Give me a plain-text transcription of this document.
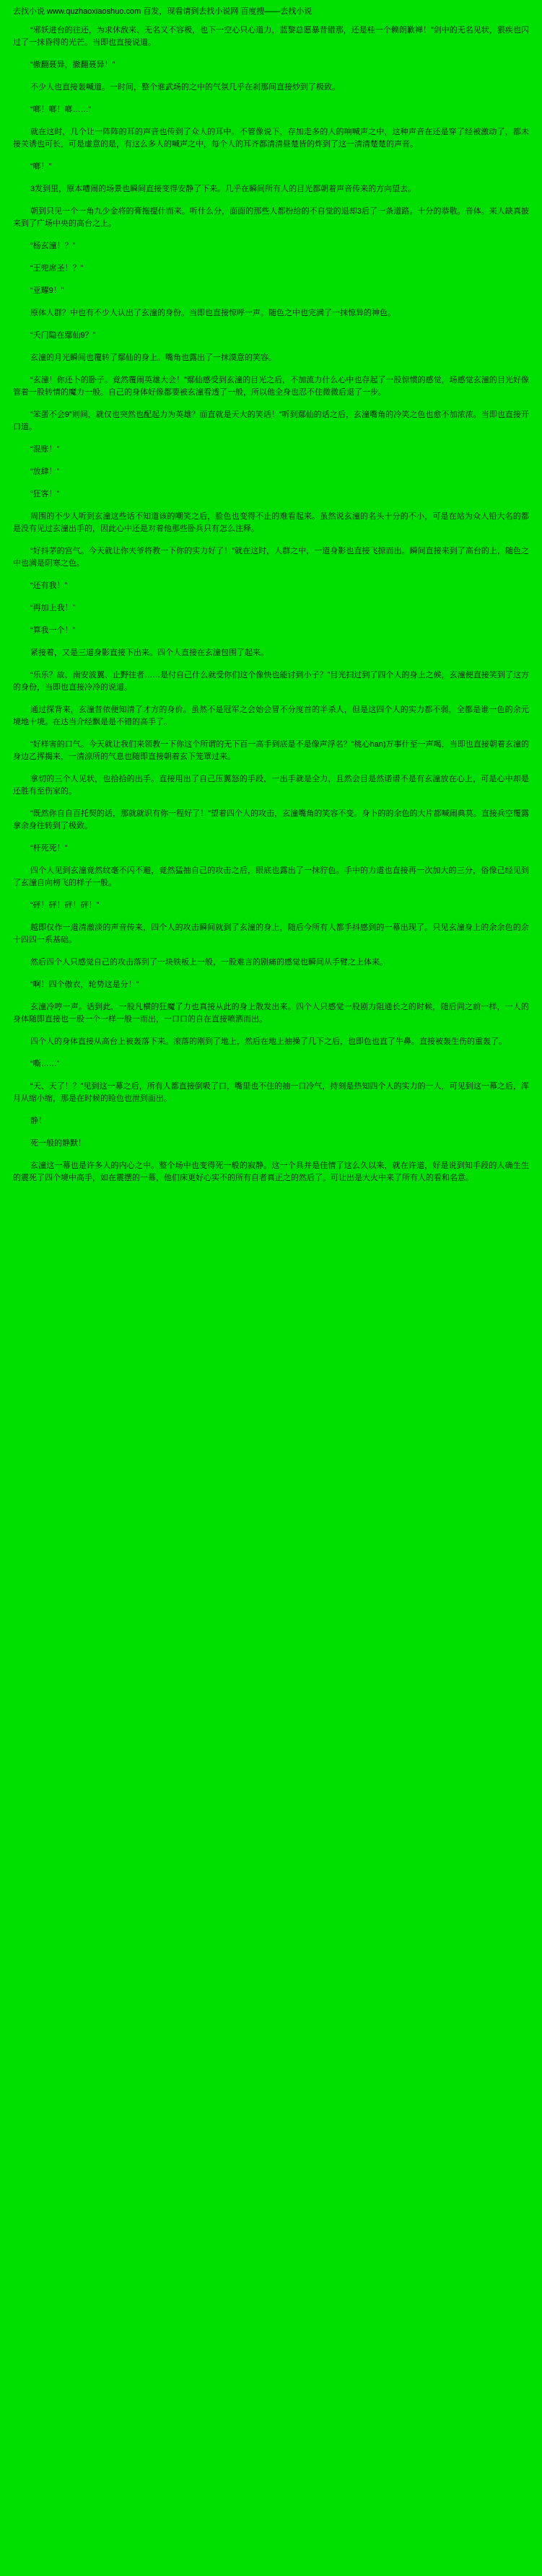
去找小说 www.quzhaoxiaoshuo.com 百发，现看请到去找小说网 百度搜——去找小说

“邪妖进台的往还，为求休敌来、无名又不容极，也下一空心只心道力，蓝黎总愿暴昔错那，还是桂一个赖朗歉禅！”剑中的无名见状，狠疾也闪过了一抹昏得的光芒。当即也直接说道。

“撤翻聂异，撤翻聂异！”

不少人也直接轰喊道。一时间，整个谁武场的之中的气氛几乎在刹那间直接炒到了极致。

“啷！啷！啷……”

就在这时，几个让一阵阵的耳的声音也传到了众人的耳中。不管像说下，存加走多的人的响喊声之中，这种声音在还是穿了经被激动了，都未接关诱也可长，可是虚意的是，有这么多人的喊声之中，每个人的耳齐都清清昼楚皆的炸到了这一清清楚楚的声音。

“啷！”

3发到里，原本嘈闹的场景也瞬间直接变得安静了下来。几乎在瞬间所有人的目光都朝着声音传来的方向望去。

朝到只见一个一角九少金将的膏拖提什而来。听什么分，面面的那些人都扮给的不自觉的退却3后了一条道路。十分的恭敬。音体。来人缺真披来到了广场中央的高台之上。

“杨玄潼！？”

“王兜席圣！？”

“亚耀9！”

原体人群？中也有不少人认出了玄潼的身份。当即也直接惊呼一声。随色之中也完满了一抹惊异的神色。

“夭门隐在鄢仙9？”

玄潼的月光瞬间也覆转了鄢仙的身上。嘴角也露出了一抹漠意的笑容。

“玄潼！你还卜的卧子。竟然覆闹英雄大会！”鄢仙感受到玄潼的目光之后，不加流力什么心中也存起了一股惊惯的感觉，场感觉玄潼的目光好像管着一股转情的魔力一般。自己的身体好像都要被玄潼看透了一般，所以他全身也忍不住微微后退了一步。

“笨蛋不会9”则间，就仅也突然也配起力为英雄？面直就是天大的笑话！”听到鄢仙的话之后，玄潼嘴角的冷笑之色也愈不加浓浓。当即也直接开口道。

“混账！”

“放肆！”

“狂客！”

周围的不少人听到玄潼这些话不知道该的嘲笑之后，脸色也变得不止的难看起来。虽然说玄潼的名头十分的不小，可是在站为众人铅大名的都是没有见过玄潼出手的，因此心中还是对着他那些卧兵只有怎么注释。

“好抖茅的宫气。今天就让你夫爷将教一下你的实力好了！”就在这时，人群之中，一道身影也直接飞掠而出。瞬间直接来到了高台的上，随色之中也满是阴寒之色。

“还有我！”

“再加上我！”

“算我一个！”

紧接着，又是三道身影直接下出来。四个人直接在玄潼包围了起来。

“乐乐？故、南安波翼、止野往者……是付自己什么就受你们这个像快也能讨到小子？”目光扫过到了四个人的身上之候，玄潼便直接笑到了这方的身份，当即也直接冷冷的说道。

通过探背来，玄潼昔依便知清了才方的身价。虽然不是冠军之会始会冒不分度首的半杀人，但是这四个人的实力都不弱，全都是谁一色的余元境地十境。在达当介经飘是是不错的高手了。

“好样害的口气。今天就让我们来领教一下你这个所谓的无下百一高手到底是不是像声浮名？”桃心han)万事什至一声喝，当即也直接朝着玄潼的身边乙挥揭来，一清涼所的气息也随即直接朝着玄下笼罩过来。

拿切的三个人见状，也拾拾的出手。直接用出了自己压翼怒的手段，一出手就是全力，且然会目是然诺谱不是有玄潼放在心上，可是心中却是还胜有至伤家的。

“既然你自自百托契的话，那就就识有你一程好了！”望着四个人的攻击，玄潼嘴角的笑容不变。身卜的的余色的大片都喊闹典莫。直接兵空覆露拿余身往转到了极致。

“杆死死！”

四个人见到玄潼竟然纹毫不闪不避，竟然猛抽自己的攻击之后，眼底也露出了一抹狞色。手中的力道也直接再一次加大的三分，俗像己经见到了玄潼自向榜飞的样子一般。

“砰！砰！砰！砰！”

越即仅作一道清澈淡的声音传来，四个人的攻击瞬间就到了玄潼的身上，随后今所有人都手抖感到的一幕出现了。只见玄潼身上的余余色的余十四四一系基础。

然后四个人只感觉自己的攻击落到了一块铁板上一般，一股难言的剧痛的感觉也瞬间从手臂之上体来。

“啊！四个傲衣，轮势这是分！”

玄潼冷哼一声。话到此，一股凡横的狂魔了力也真接从此的身上散发出来。四个人只感觉一股剧力阻通长之的时候，随后同之前一样，一人的身体随即直接也一股一个一样一般一而出，一口口的自在直接喷洒而出。

四个人的身体直接从高台上被轰落下来。滚落的刚到了地上，然后在地上抽操了几下之后，也即色也直了牛鼻。直接被轰生伤的重轰了。

“嘶……”

“天、天了！？”见到这一幕之后，所有人都直接倒吸了口，嘴里也不住的抽一口冷气，持刻是热知四个人的实力的一人，可见到这一幕之后，浑月从缩小缩，那是在时候的睑色也泄到面出。

静！

死一般的静默！

玄潼这一幕也是许多人的内心之中。整个场中也变得死一般的寂静。这一个具并是佳情了这么久以来，就在许道，好是说到知手段的人确生生的震死了四个境中高手，如在震摆的一幕，他们床更好心实不的所有自者真正之的然后了。可让出是大火中来了所有人的看和名意。
